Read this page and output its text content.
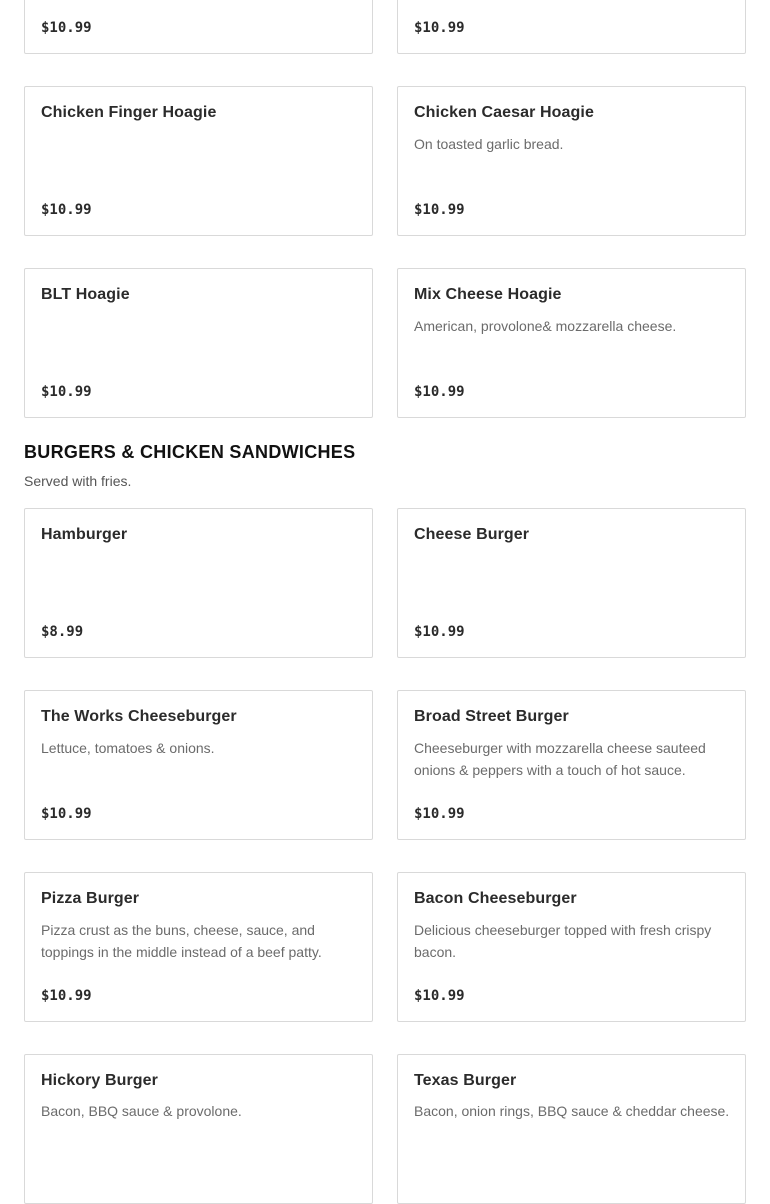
$10.99	$10.99
Chicken Finger Hoagie
$10.99
Chicken Caesar Hoagie
On toasted garlic bread.
$10.99
BLT Hoagie
$10.99
Mix Cheese Hoagie
American, provolone& mozzarella cheese.
$10.99
BURGERS & CHICKEN SANDWICHES
Served with fries.
Hamburger
$8.99
Cheese Burger
$10.99
The Works Cheeseburger
Lettuce, tomatoes & onions.
$10.99
Broad Street Burger
Cheeseburger with mozzarella cheese sauteed onions & peppers with a touch of hot sauce.
$10.99
Pizza Burger
Pizza crust as the buns, cheese, sauce, and toppings in the middle instead of a beef patty.
$10.99
Bacon Cheeseburger
Delicious cheeseburger topped with fresh crispy bacon.
$10.99
Hickory Burger
Bacon, BBQ sauce & provolone.
Texas Burger
Bacon, onion rings, BBQ sauce & cheddar cheese.
